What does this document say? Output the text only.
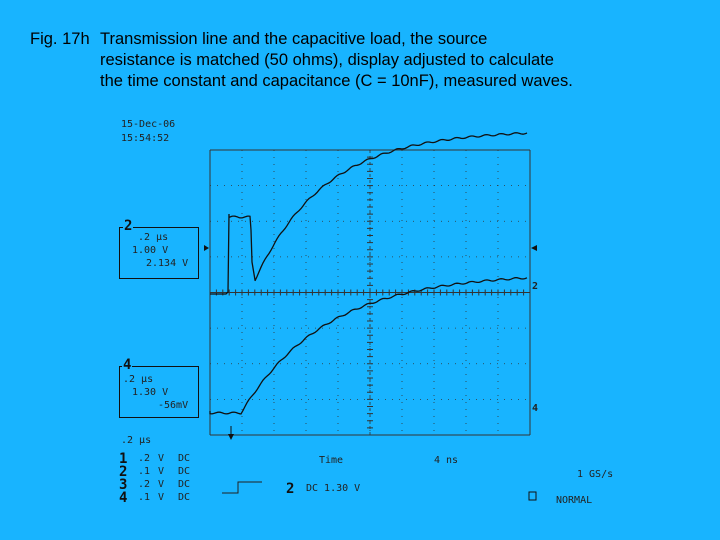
Fig. 17h Transmission line and the capacitive load, the source
resistance is matched (50 ohms), display adjusted to calculate
the time constant and capacitance (C = 10nF), measured waves.
15-Dec-06
15:54:52
2
.2 µs
1.00 V
2.134 V
4
.2 µs
1.30 V
-56mV
.2 µs
1 .2 V DC
2 .1 V DC
3 .2 V DC
4 .1 V DC
Time	4 ns
1 GS/s
2 DC 1.30 V
NORMAL
2
4
